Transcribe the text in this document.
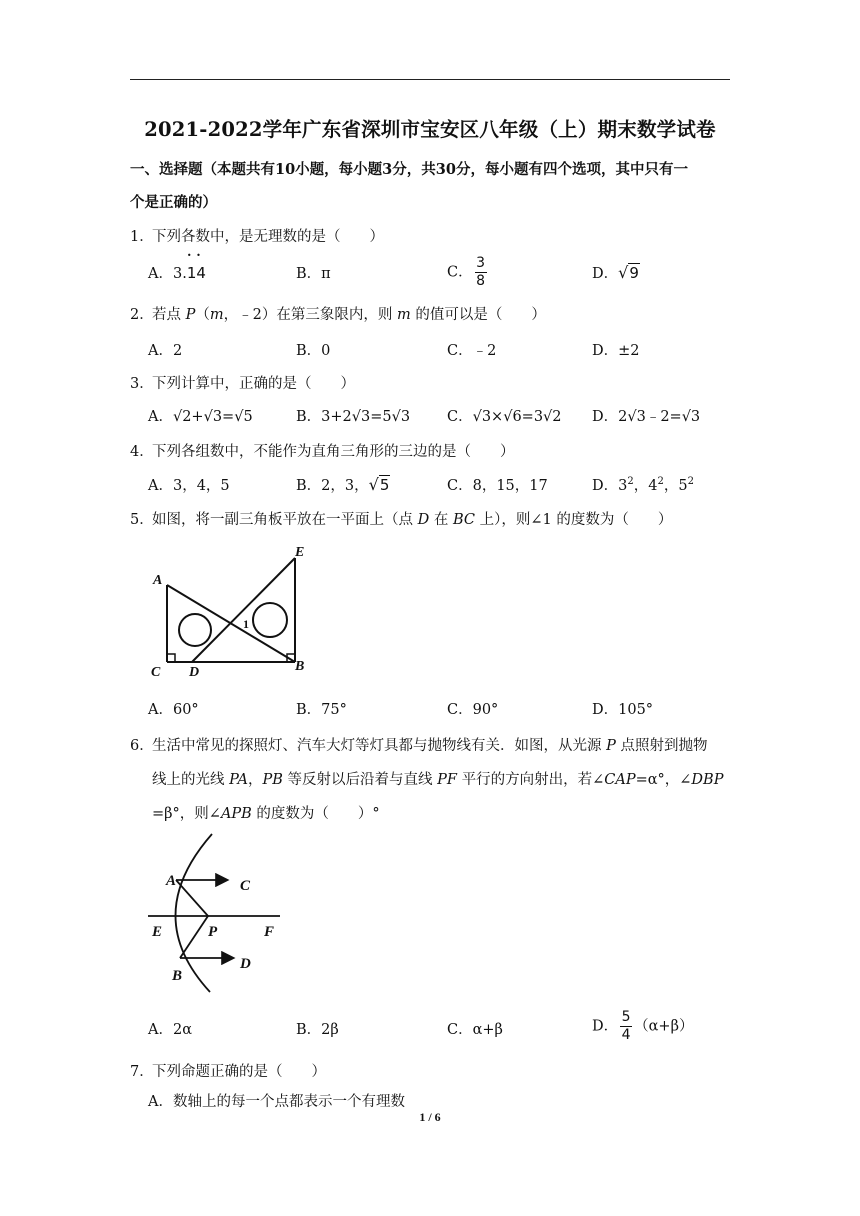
2021-2022学年广东省深圳市宝安区八年级（上）期末数学试卷
一、选择题（本题共有10小题，每小题3分，共30分，每小题有四个选项，其中只有一
个是正确的）
1．下列各数中，是无理数的是（　　）
A．3.• • 14	B．π	C． $\frac{3}{8}$	D．√9
2．若点 P（m，﹣2）在第三象限内，则 m 的值可以是（　　）
A．2	B．0	C．﹣2	D．±2
3．下列计算中，正确的是（　　）
A．√2+√3=√5	B．3+2√3=5√3	C．√3×√6=3√2 D．2√3﹣2=√3
4．下列各组数中，不能作为直角三角形的三边的是（　　）
A．3，4，5	B．2，3，√5	C．8，15，17	D．$3^2$，$4^2$，$5^2$
5．如图，将一副三角板平放在一平面上（点 D 在 BC 上），则∠1 的度数为（　　）
A
E
C D	B
1
A．60°	B．75°	C．90°	D．105°
6．生活中常见的探照灯、汽车大灯等灯具都与抛物线有关．如图，从光源 P 点照射到抛物
线上的光线 PA，PB 等反射以后沿着与直线 PF 平行的方向射出，若∠CAP=α°，∠DBP
=β°，则∠APB 的度数为（　　）°
A	C
E	P	F
B
D
A．2α	B．2β	C．α+β	D． $\frac{5}{4} (\alpha+\beta)$
7．下列命题正确的是（　　）
A．数轴上的每一个点都表示一个有理数
1 / 6
